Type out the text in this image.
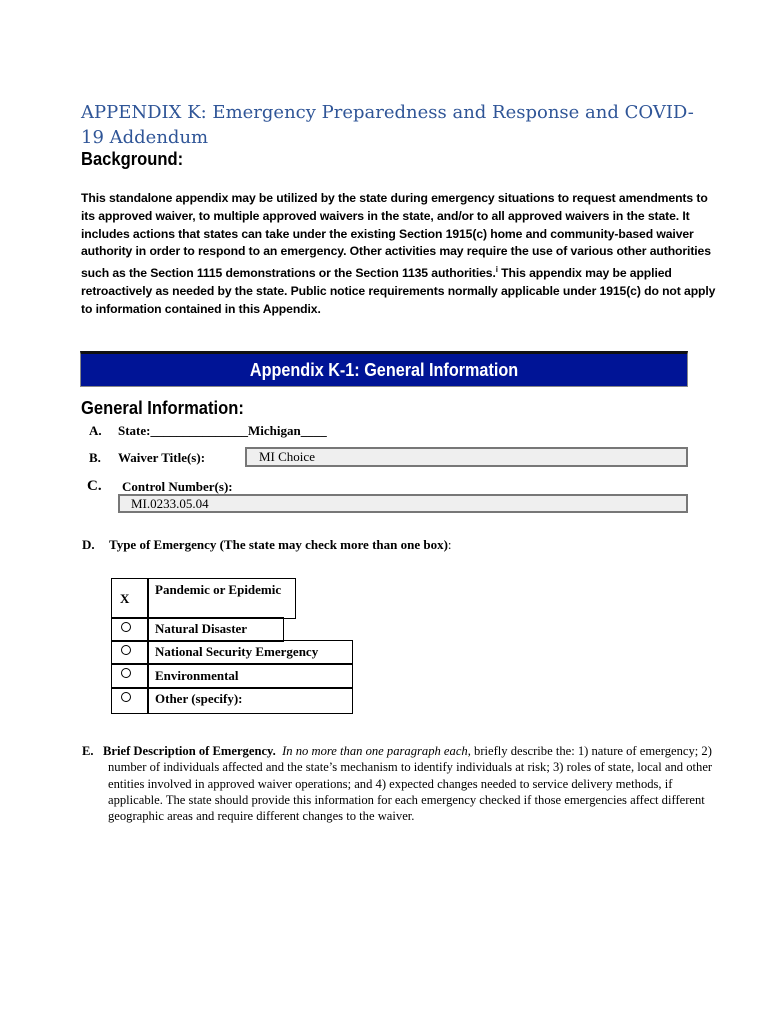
APPENDIX K: Emergency Preparedness and Response and COVID-19 Addendum
Background:
This standalone appendix may be utilized by the state during emergency situations to request amendments to its approved waiver, to multiple approved waivers in the state, and/or to all approved waivers in the state. It includes actions that states can take under the existing Section 1915(c) home and community-based waiver authority in order to respond to an emergency. Other activities may require the use of various other authorities such as the Section 1115 demonstrations or the Section 1135 authorities.$^i$ This appendix may be applied retroactively as needed by the state. Public notice requirements normally applicable under 1915(c) do not apply to information contained in this Appendix.
Appendix K-1: General Information
General Information:
A. State:_______________Michigan____
B. Waiver Title(s):	MI Choice
C. Control Number(s):
MI.0233.05.04
D. Type of Emergency (The state may check more than one box):
X
Pandemic or Epidemic
Natural Disaster
National Security Emergency
Environmental
Other (specify):
E. Brief Description of Emergency. In no more than one paragraph each, briefly describe the: 1) nature of emergency; 2) number of individuals affected and the state’s mechanism to identify individuals at risk; 3) roles of state, local and other entities involved in approved waiver operations; and 4) expected changes needed to service delivery methods, if applicable. The state should provide this information for each emergency checked if those emergencies affect different geographic areas and require different changes to the waiver.
